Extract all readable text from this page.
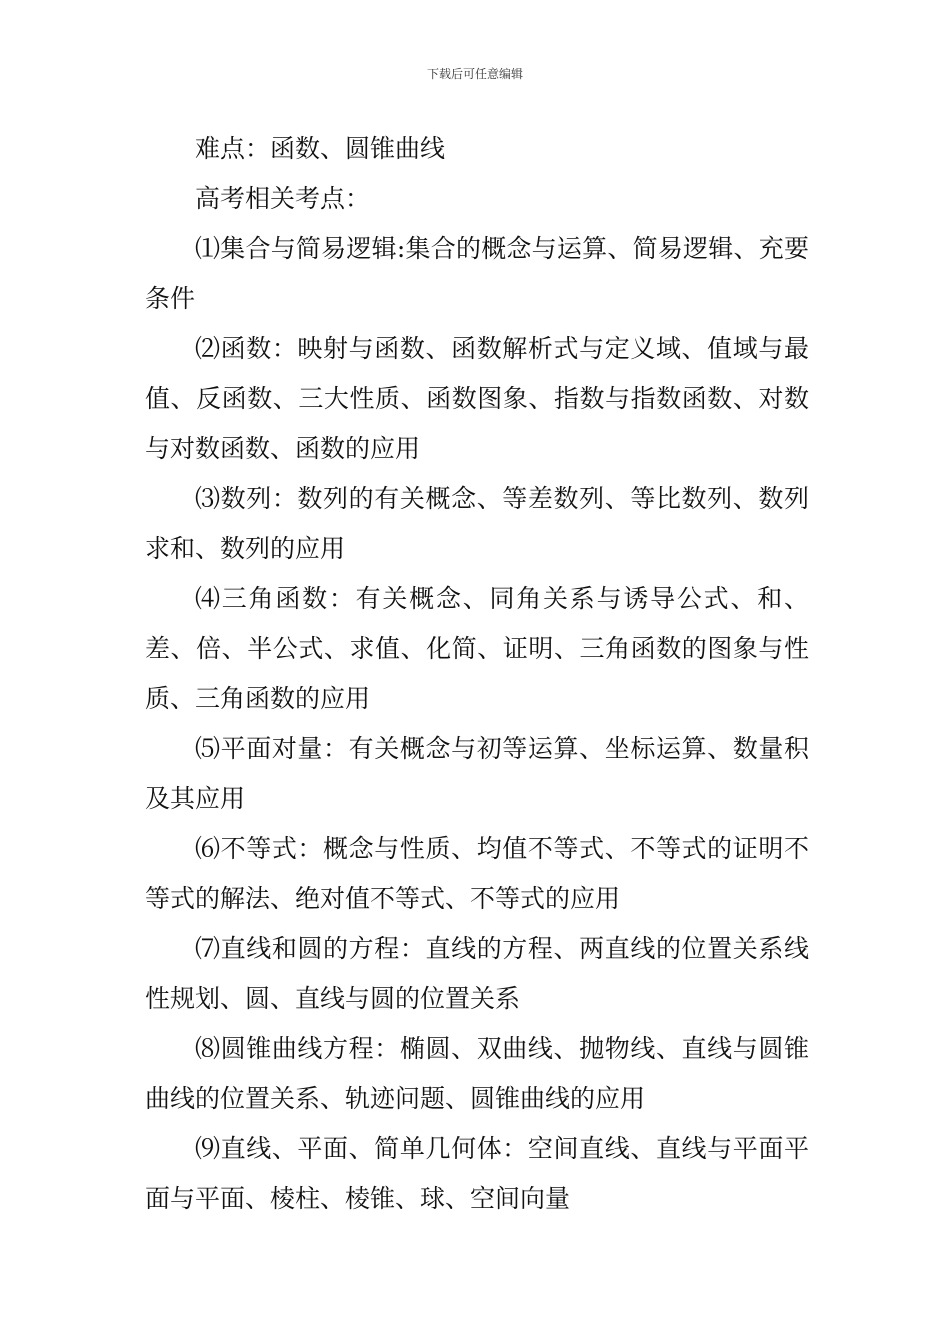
下载后可任意编辑

难点：函数、圆锥曲线

高考相关考点：

⑴集合与简易逻辑:集合的概念与运算、简易逻辑、充要条件

⑵函数：映射与函数、函数解析式与定义域、值域与最值、反函数、三大性质、函数图象、指数与指数函数、对数与对数函数、函数的应用

⑶数列：数列的有关概念、等差数列、等比数列、数列求和、数列的应用

⑷三角函数：有关概念、同角关系与诱导公式、和、差、倍、半公式、求值、化简、证明、三角函数的图象与性质、三角函数的应用

⑸平面对量：有关概念与初等运算、坐标运算、数量积及其应用

⑹不等式：概念与性质、均值不等式、不等式的证明不等式的解法、绝对值不等式、不等式的应用

⑺直线和圆的方程：直线的方程、两直线的位置关系线性规划、圆、直线与圆的位置关系

⑻圆锥曲线方程：椭圆、双曲线、抛物线、直线与圆锥曲线的位置关系、轨迹问题、圆锥曲线的应用

⑼直线、平面、简单几何体：空间直线、直线与平面平面与平面、棱柱、棱锥、球、空间向量
